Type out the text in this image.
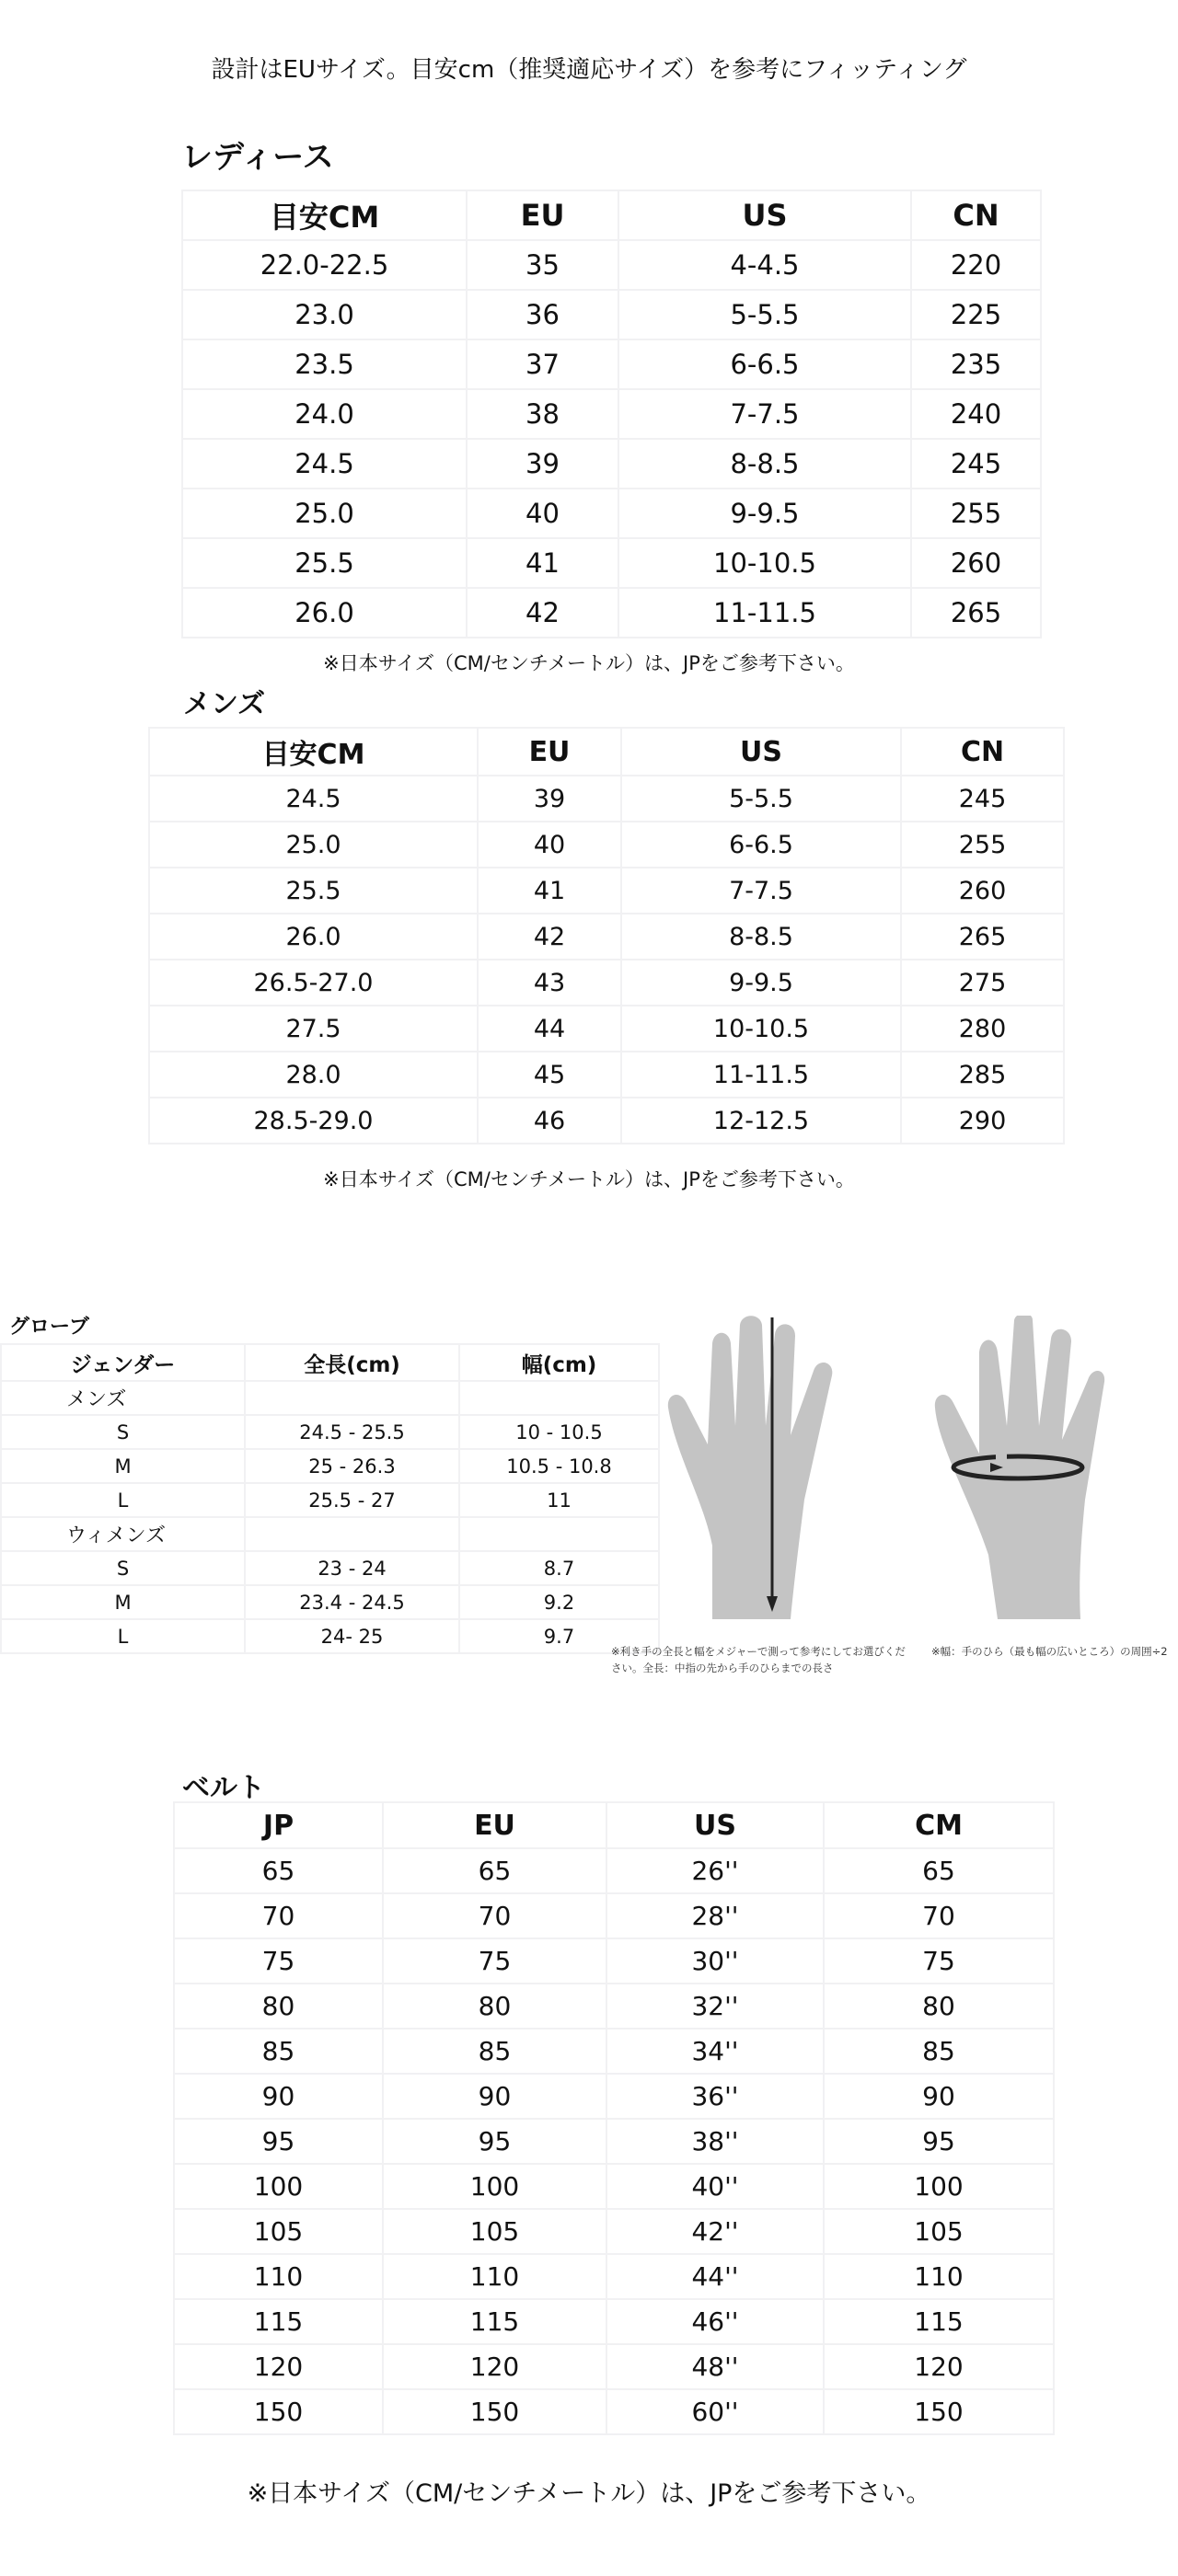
設計はEUサイズ。目安cm（推奨適応サイズ）を参考にフィッティング
レディース
目安CM	EU	US	CN
22.0-22.5	35	4-4.5	220
23.0	36	5-5.5	225
23.5	37	6-6.5	235
24.0	38	7-7.5	240
24.5	39	8-8.5	245
25.0	40	9-9.5	255
25.5	41	10-10.5	260
26.0	42	11-11.5	265
※日本サイズ（CM/センチメートル）は、JPをご参考下さい。
メンズ
目安CM	EU	US	CN
24.5	39	5-5.5	245
25.0	40	6-6.5	255
25.5	41	7-7.5	260
26.0	42	8-8.5	265
26.5-27.0	43	9-9.5	275
27.5	44	10-10.5	280
28.0	45	11-11.5	285
28.5-29.0	46	12-12.5	290
※日本サイズ（CM/センチメートル）は、JPをご参考下さい。
グローブ
ジェンダー	全長(cm)	幅(cm)
メンズ		
S	24.5 - 25.5	10 - 10.5
M	25 - 26.3	10.5 - 10.8
L	25.5 - 27	11
ウィメンズ		
S	23 - 24	8.7
M	23.4 - 24.5	9.2
L	24- 25	9.7
※利き手の全長と幅をメジャーで測って参考にしてお選びください。全長：中指の先から手のひらまでの長さ
※幅：手のひら（最も幅の広いところ）の周囲÷2
ベルト
JP	EU	US	CM
65	65	26''	65
70	70	28''	70
75	75	30''	75
80	80	32''	80
85	85	34''	85
90	90	36''	90
95	95	38''	95
100	100	40''	100
105	105	42''	105
110	110	44''	110
115	115	46''	115
120	120	48''	120
150	150	60''	150
※日本サイズ（CM/センチメートル）は、JPをご参考下さい。
